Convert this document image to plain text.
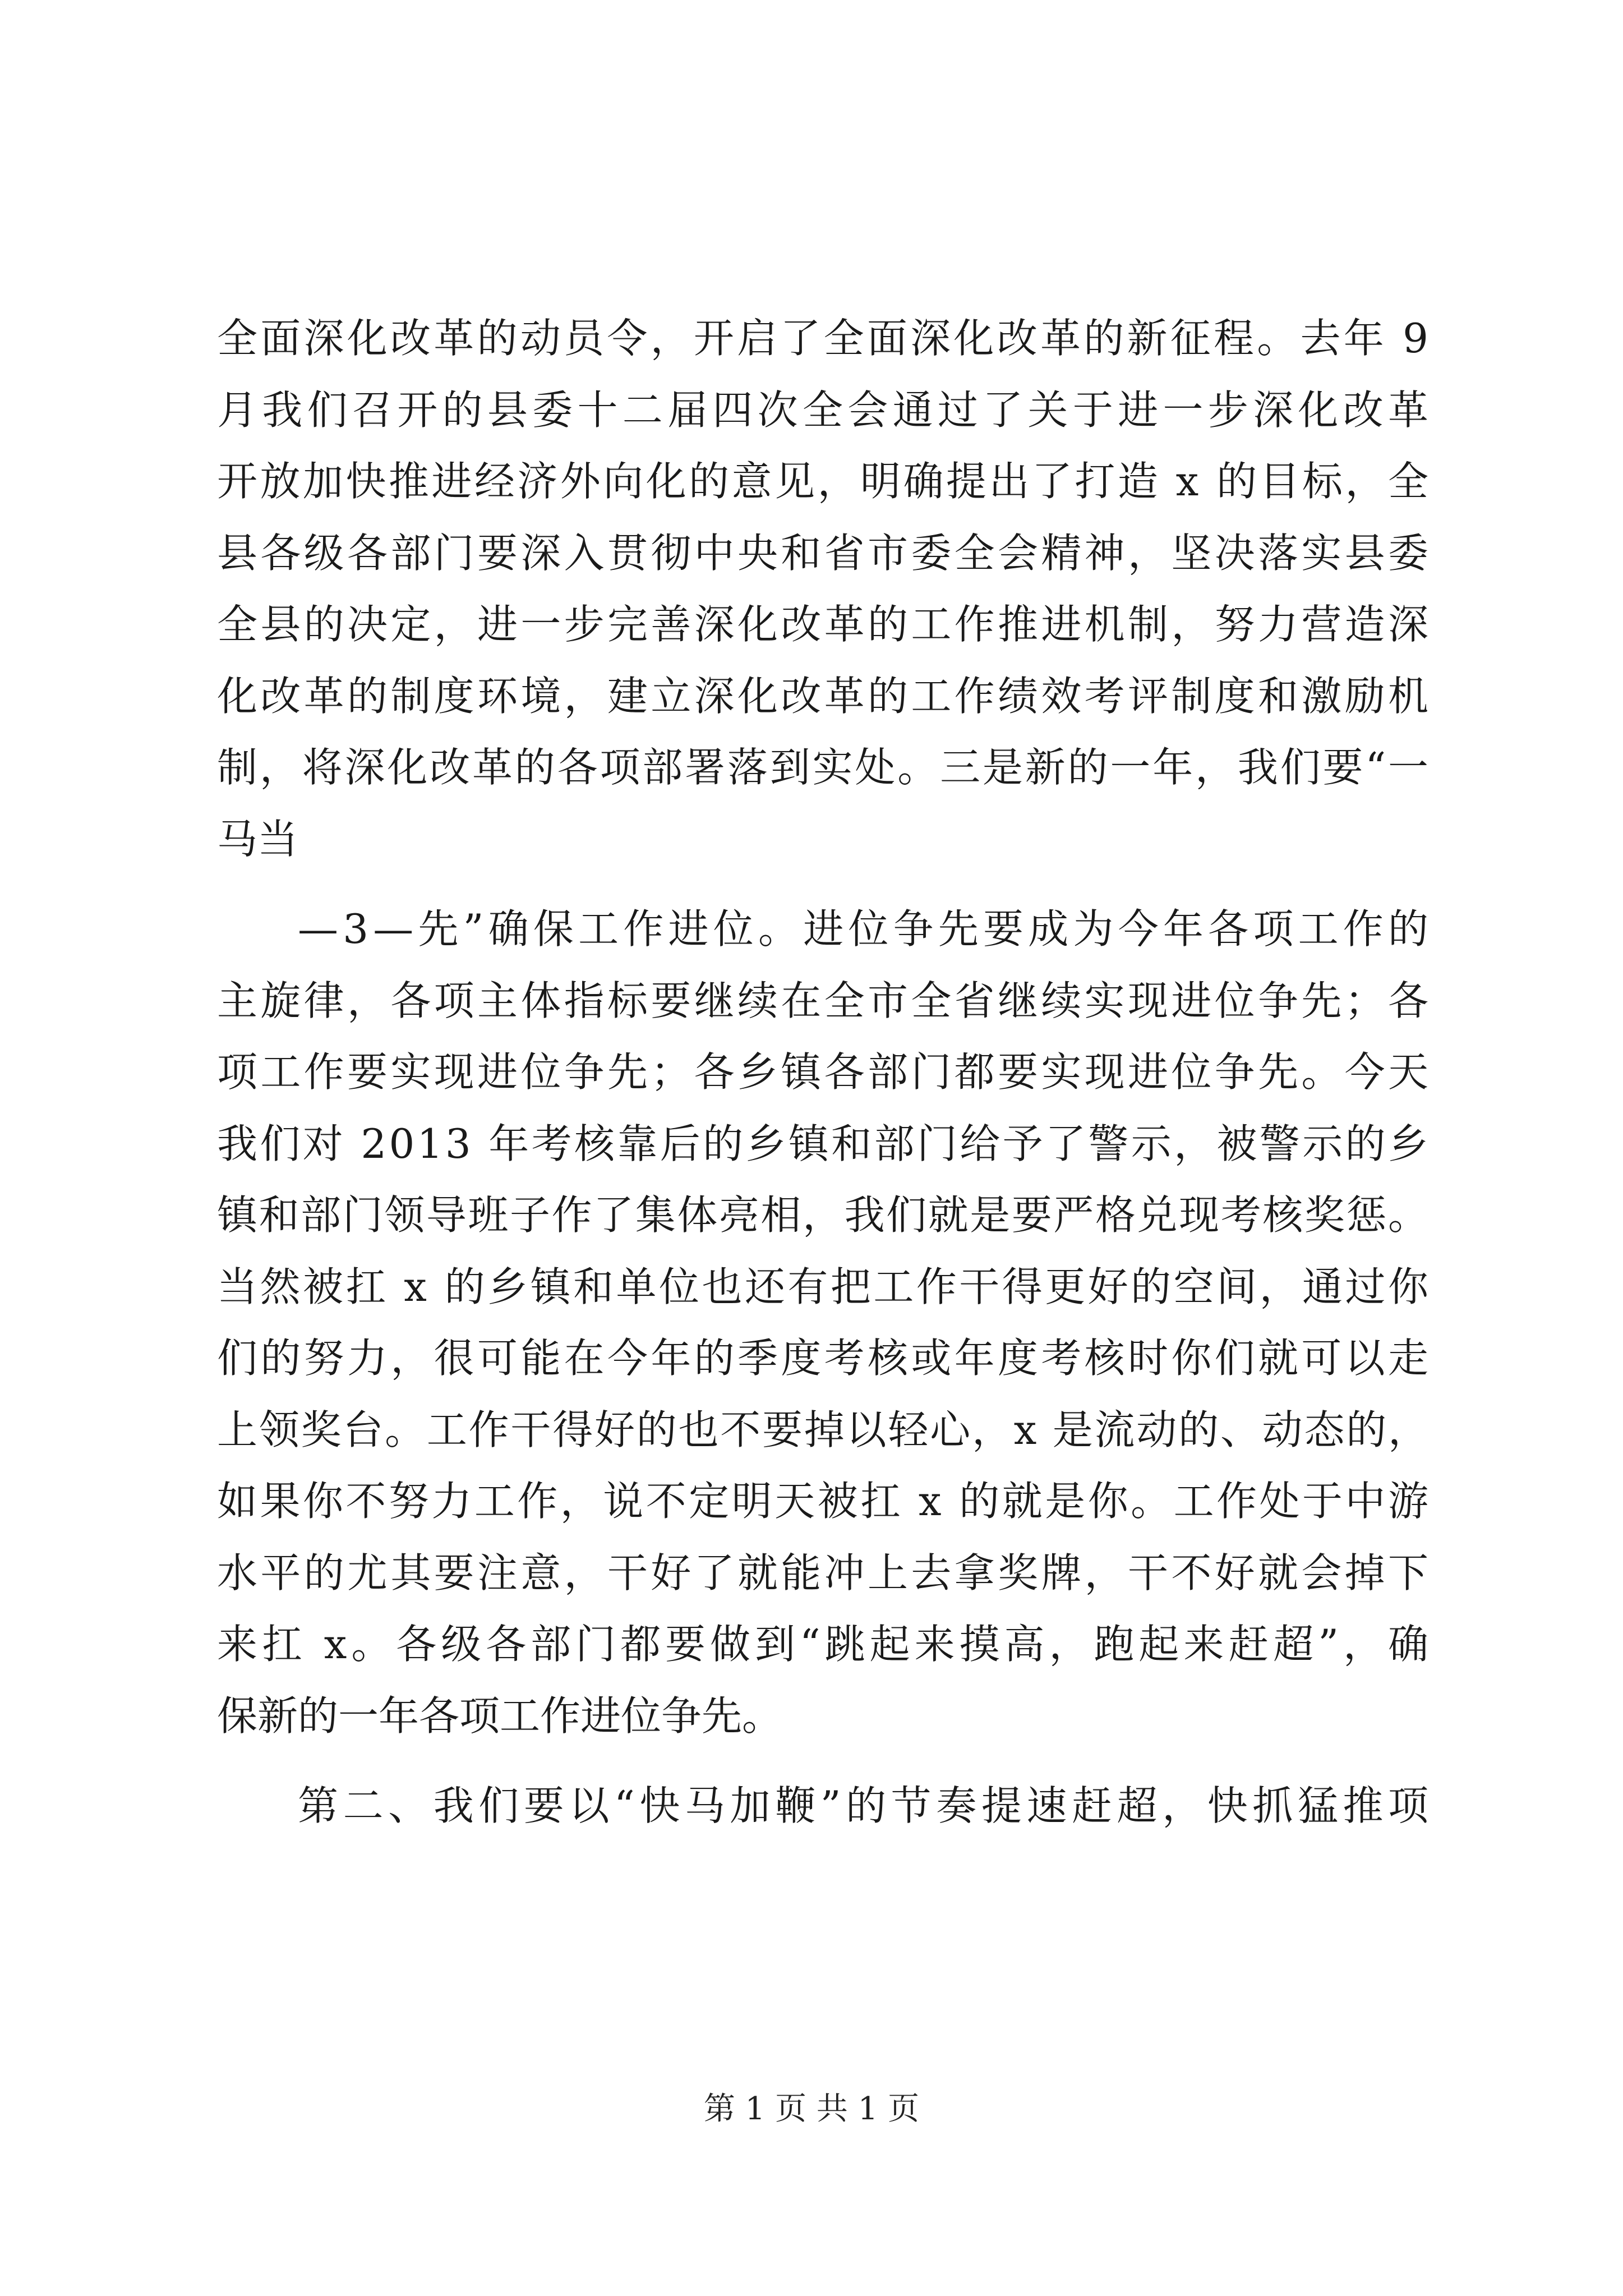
全面深化改革的动员令，开启了全面深化改革的新征程。去年 9
月我们召开的县委十二届四次全会通过了关于进一步深化改革
开放加快推进经济外向化的意见，明确提出了打造 x 的目标，全
县各级各部门要深入贯彻中央和省市委全会精神，坚决落实县委
全县的决定，进一步完善深化改革的工作推进机制，努力营造深
化改革的制度环境，建立深化改革的工作绩效考评制度和激励机
制，将深化改革的各项部署落到实处。三是新的一年，我们要“一
马当
—3—先”确保工作进位。进位争先要成为今年各项工作的
主旋律，各项主体指标要继续在全市全省继续实现进位争先；各
项工作要实现进位争先；各乡镇各部门都要实现进位争先。今天
我们对 2013 年考核靠后的乡镇和部门给予了警示，被警示的乡
镇和部门领导班子作了集体亮相，我们就是要严格兑现考核奖惩。
当然被扛 x 的乡镇和单位也还有把工作干得更好的空间，通过你
们的努力，很可能在今年的季度考核或年度考核时你们就可以走
上领奖台。工作干得好的也不要掉以轻心，x 是流动的、动态的，
如果你不努力工作，说不定明天被扛 x 的就是你。工作处于中游
水平的尤其要注意，干好了就能冲上去拿奖牌，干不好就会掉下
来扛 x。各级各部门都要做到“跳起来摸高，跑起来赶超”，确
保新的一年各项工作进位争先。
第二、我们要以“快马加鞭”的节奏提速赶超，快抓猛推项
第 1 页 共 1 页
